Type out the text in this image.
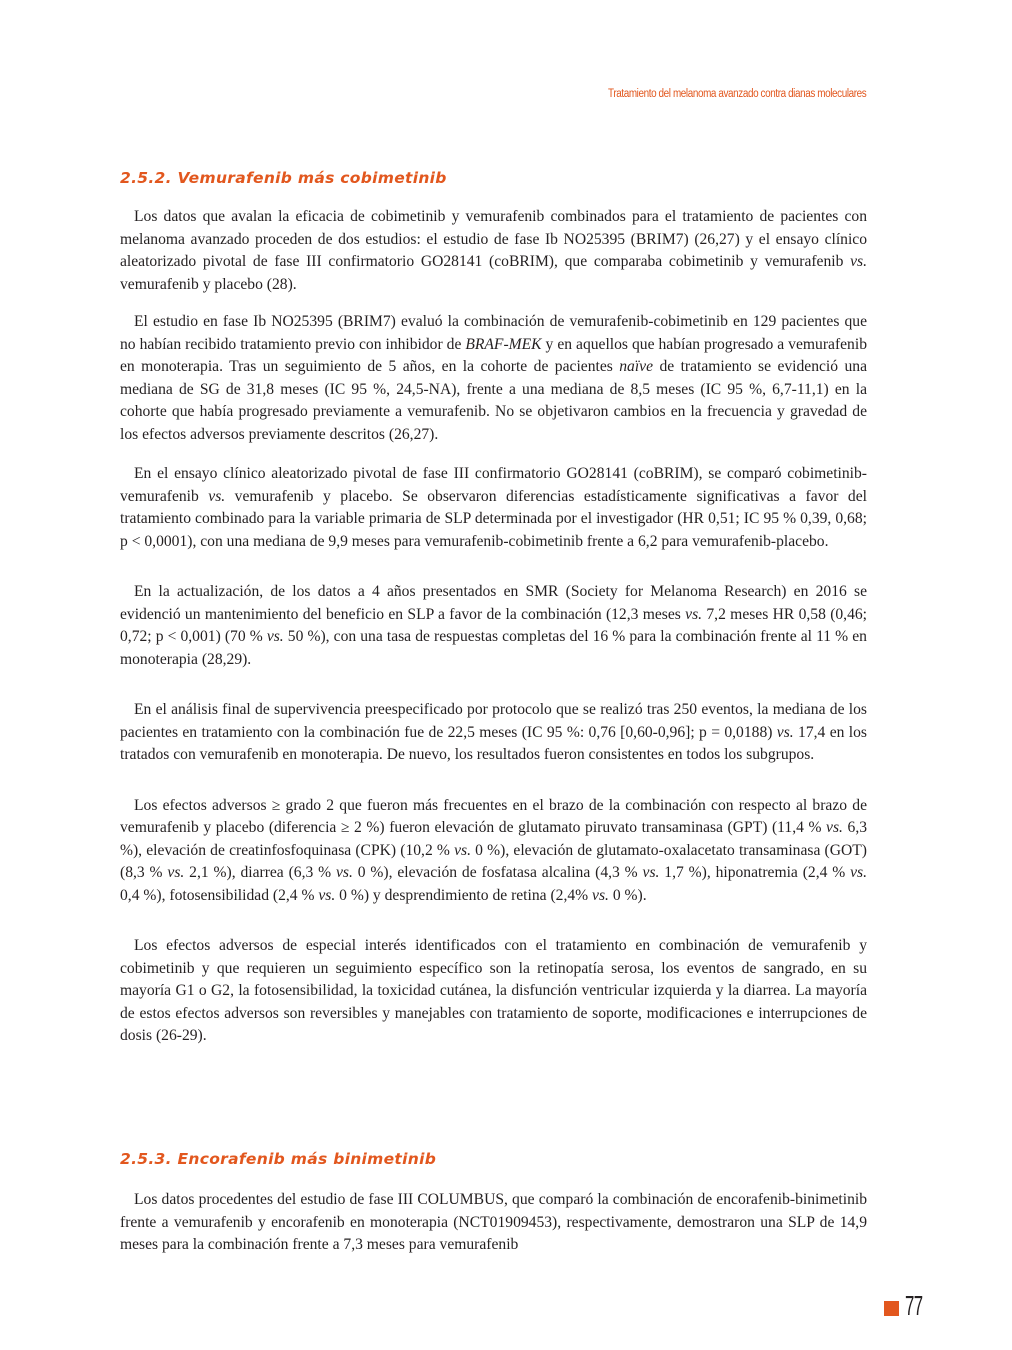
Tratamiento del melanoma avanzado contra dianas moleculares
2.5.2. Vemurafenib más cobimetinib

Los datos que avalan la eficacia de cobimetinib y vemurafenib combinados para el tratamiento de pacientes con melanoma avanzado proceden de dos estudios: el estudio de fase Ib NO25395 (BRIM7) (26,27) y el ensayo clínico aleatorizado pivotal de fase III confirmatorio GO28141 (coBRIM), que comparaba cobimetinib y vemurafenib vs. vemurafenib y placebo (28).

El estudio en fase Ib NO25395 (BRIM7) evaluó la combinación de vemurafenib-cobimetinib en 129 pacientes que no habían recibido tratamiento previo con inhibidor de BRAF-MEK y en aquellos que habían progresado a vemurafenib en monoterapia. Tras un seguimiento de 5 años, en la cohorte de pacientes naïve de tratamiento se evidenció una mediana de SG de 31,8 meses (IC 95 %, 24,5-NA), frente a una mediana de 8,5 meses (IC 95 %, 6,7-11,1) en la cohorte que había progresado previamente a vemurafenib. No se objetivaron cambios en la frecuencia y gravedad de los efectos adversos previamente descritos (26,27).

En el ensayo clínico aleatorizado pivotal de fase III confirmatorio GO28141 (coBRIM), se comparó cobimetinib-vemurafenib vs. vemurafenib y placebo. Se observaron diferencias estadísticamente significativas a favor del tratamiento combinado para la variable primaria de SLP determinada por el investigador (HR 0,51; IC 95 % 0,39, 0,68; p < 0,0001), con una mediana de 9,9 meses para vemurafenib-cobimetinib frente a 6,2 para vemurafenib-placebo.

En la actualización, de los datos a 4 años presentados en SMR (Society for Melanoma Research) en 2016 se evidenció un mantenimiento del beneficio en SLP a favor de la combinación (12,3 meses vs. 7,2 meses HR 0,58 (0,46; 0,72; p < 0,001) (70 % vs. 50 %), con una tasa de respuestas completas del 16 % para la combinación frente al 11 % en monoterapia (28,29).

En el análisis final de supervivencia preespecificado por protocolo que se realizó tras 250 eventos, la mediana de los pacientes en tratamiento con la combinación fue de 22,5 meses (IC 95 %: 0,76 [0,60-0,96]; p = 0,0188) vs. 17,4 en los tratados con vemurafenib en monoterapia. De nuevo, los resultados fueron consistentes en todos los subgrupos.

Los efectos adversos ≥ grado 2 que fueron más frecuentes en el brazo de la combinación con respecto al brazo de vemurafenib y placebo (diferencia ≥ 2 %) fueron elevación de glutamato piruvato transaminasa (GPT) (11,4 % vs. 6,3 %), elevación de creatinfosfoquinasa (CPK) (10,2 % vs. 0 %), elevación de glutamato-oxalacetato transaminasa (GOT) (8,3 % vs. 2,1 %), diarrea (6,3 % vs. 0 %), elevación de fosfatasa alcalina (4,3 % vs. 1,7 %), hiponatremia (2,4 % vs. 0,4 %), fotosensibilidad (2,4 % vs. 0 %) y desprendimiento de retina (2,4% vs. 0 %).

Los efectos adversos de especial interés identificados con el tratamiento en combinación de vemurafenib y cobimetinib y que requieren un seguimiento específico son la retinopatía serosa, los eventos de sangrado, en su mayoría G1 o G2, la fotosensibilidad, la toxicidad cutánea, la disfunción ventricular izquierda y la diarrea. La mayoría de estos efectos adversos son reversibles y manejables con tratamiento de soporte, modificaciones e interrupciones de dosis (26-29).

2.5.3. Encorafenib más binimetinib

Los datos procedentes del estudio de fase III COLUMBUS, que comparó la combinación de encorafenib-binimetinib frente a vemurafenib y encorafenib en monoterapia (NCT01909453), respectivamente, demostraron una SLP de 14,9 meses para la combinación frente a 7,3 meses para vemurafenib

77
